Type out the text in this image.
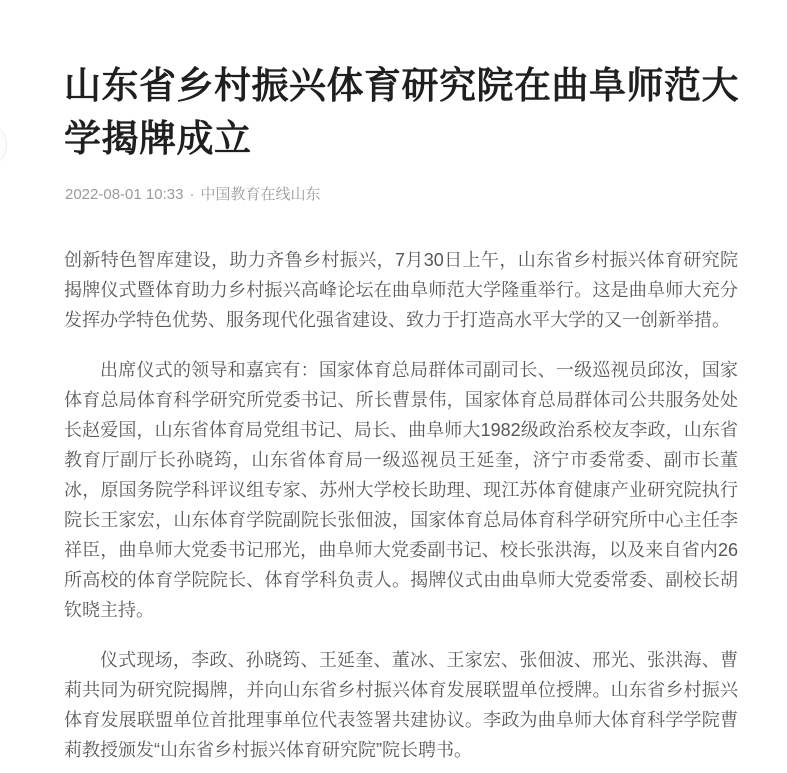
山东省乡村振兴体育研究院在曲阜师范大学揭牌成立
2022-08-01 10:33 · 中国教育在线山东

创新特色智库建设，助力齐鲁乡村振兴，7月30日上午，山东省乡村振兴体育研究院揭牌仪式暨体育助力乡村振兴高峰论坛在曲阜师范大学隆重举行。这是曲阜师大充分发挥办学特色优势、服务现代化强省建设、致力于打造高水平大学的又一创新举措。

出席仪式的领导和嘉宾有：国家体育总局群体司副司长、一级巡视员邱汝，国家体育总局体育科学研究所党委书记、所长曹景伟，国家体育总局群体司公共服务处处长赵爱国，山东省体育局党组书记、局长、曲阜师大1982级政治系校友李政，山东省教育厅副厅长孙晓筠，山东省体育局一级巡视员王延奎，济宁市委常委、副市长董冰，原国务院学科评议组专家、苏州大学校长助理、现江苏体育健康产业研究院执行院长王家宏，山东体育学院副院长张佃波，国家体育总局体育科学研究所中心主任李祥臣，曲阜师大党委书记邢光，曲阜师大党委副书记、校长张洪海，以及来自省内26所高校的体育学院院长、体育学科负责人。揭牌仪式由曲阜师大党委常委、副校长胡钦晓主持。

仪式现场，李政、孙晓筠、王延奎、董冰、王家宏、张佃波、邢光、张洪海、曹莉共同为研究院揭牌，并向山东省乡村振兴体育发展联盟单位授牌。山东省乡村振兴体育发展联盟单位首批理事单位代表签署共建协议。李政为曲阜师大体育科学学院曹莉教授颁发“山东省乡村振兴体育研究院”院长聘书。
